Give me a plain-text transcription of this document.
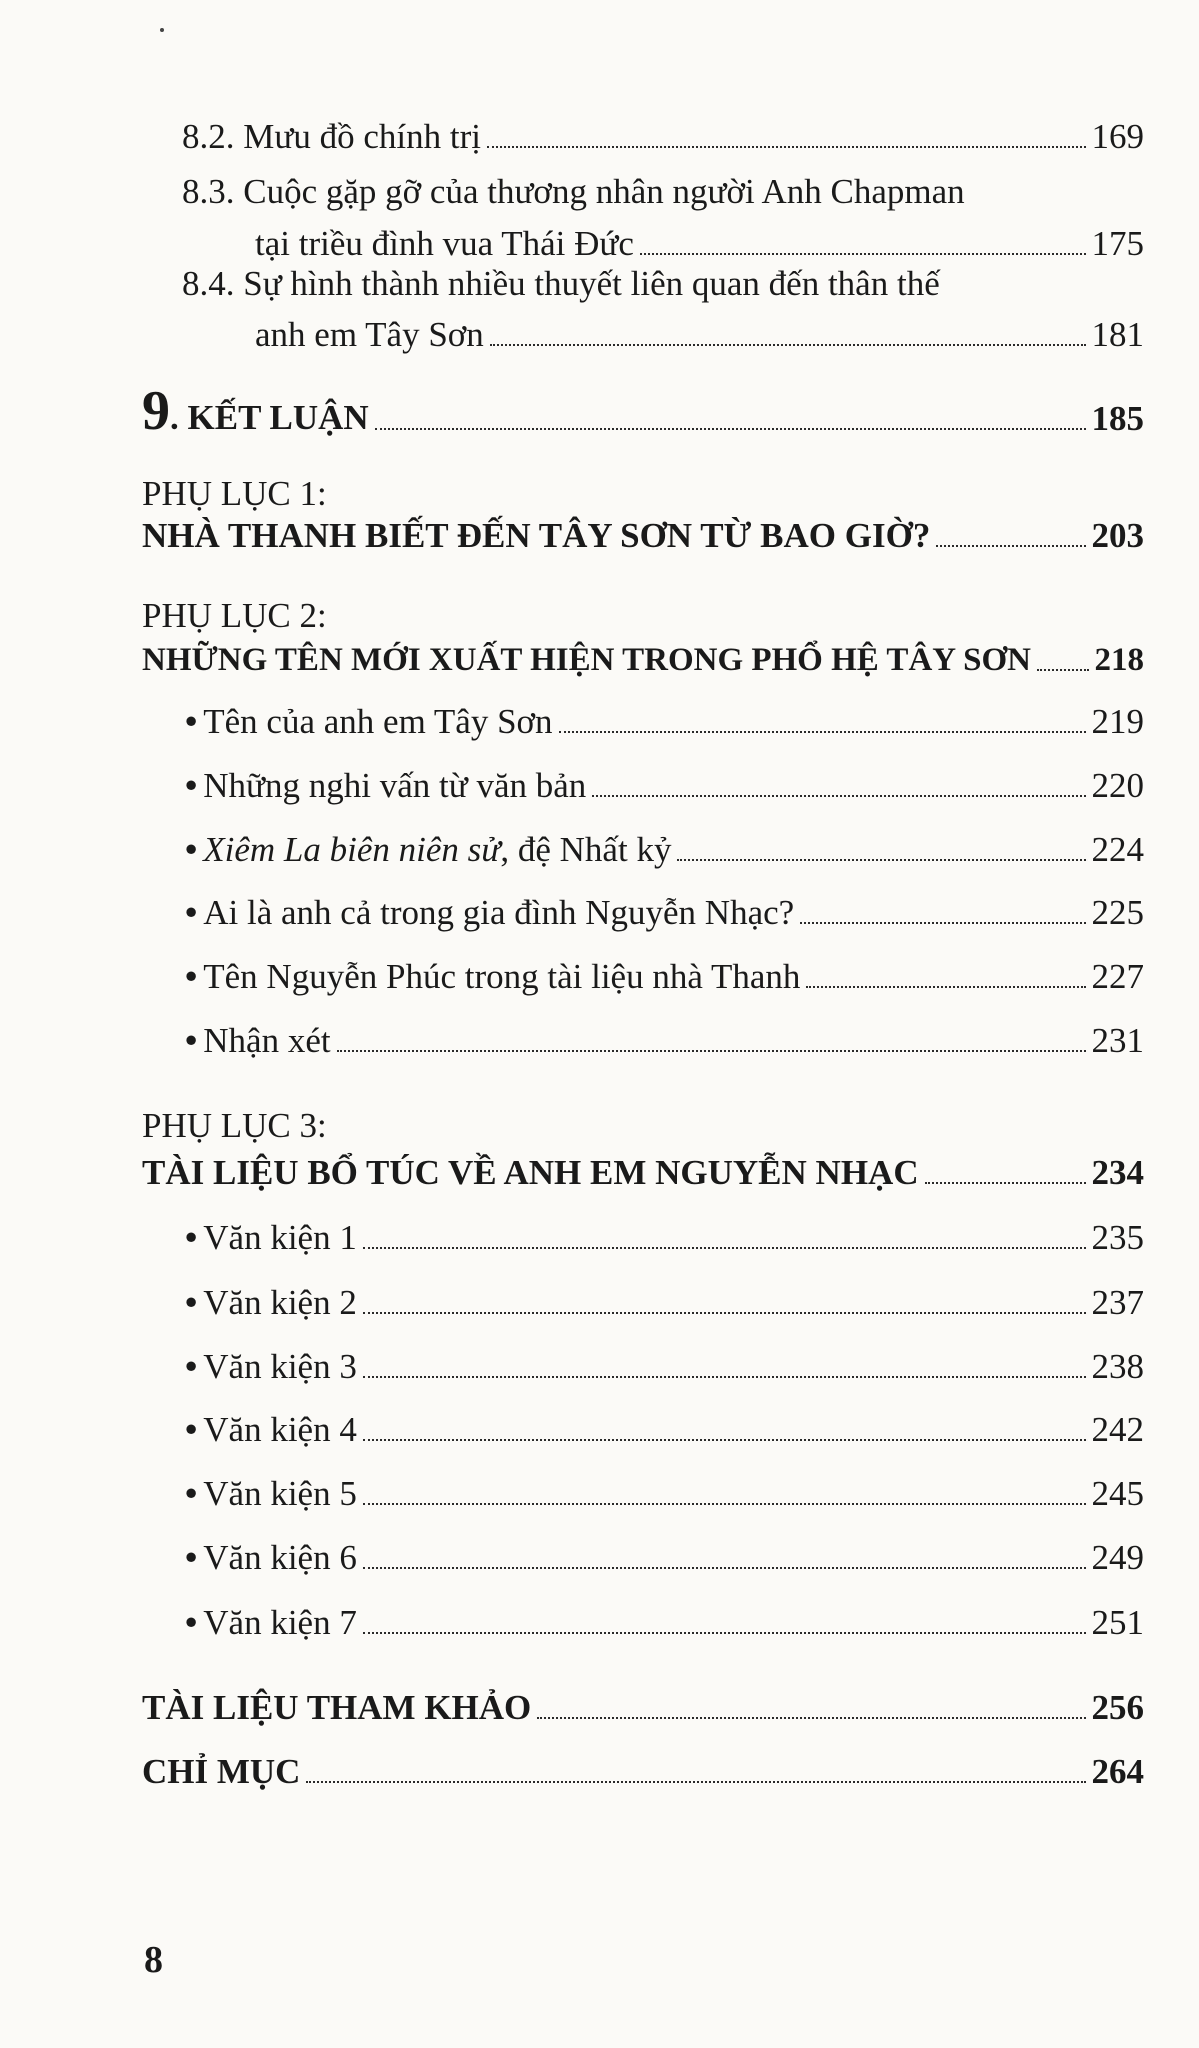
8.2. Mưu đồ chính trị	169
8.3. Cuộc gặp gỡ của thương nhân người Anh Chapman
tại triều đình vua Thái Đức	175
8.4. Sự hình thành nhiều thuyết liên quan đến thân thế
anh em Tây Sơn	181
9. KẾT LUẬN	185
PHỤ LỤC 1:
NHÀ THANH BIẾT ĐẾN TÂY SƠN TỪ BAO GIỜ?	203
PHỤ LỤC 2:
NHỮNG TÊN MỚI XUẤT HIỆN TRONG PHỔ HỆ TÂY SƠN 218
• Tên của anh em Tây Sơn	219
• Những nghi vấn từ văn bản	220
• Xiêm La biên niên sử, đệ Nhất kỷ	224
• Ai là anh cả trong gia đình Nguyễn Nhạc?	225
• Tên Nguyễn Phúc trong tài liệu nhà Thanh	227
• Nhận xét	231
PHỤ LỤC 3:
TÀI LIỆU BỔ TÚC VỀ ANH EM NGUYỄN NHẠC	234
• Văn kiện 1	235
• Văn kiện 2	237
• Văn kiện 3	238
• Văn kiện 4	242
• Văn kiện 5	245
• Văn kiện 6	249
• Văn kiện 7	251
TÀI LIỆU THAM KHẢO	256
CHỈ MỤC	264
8
